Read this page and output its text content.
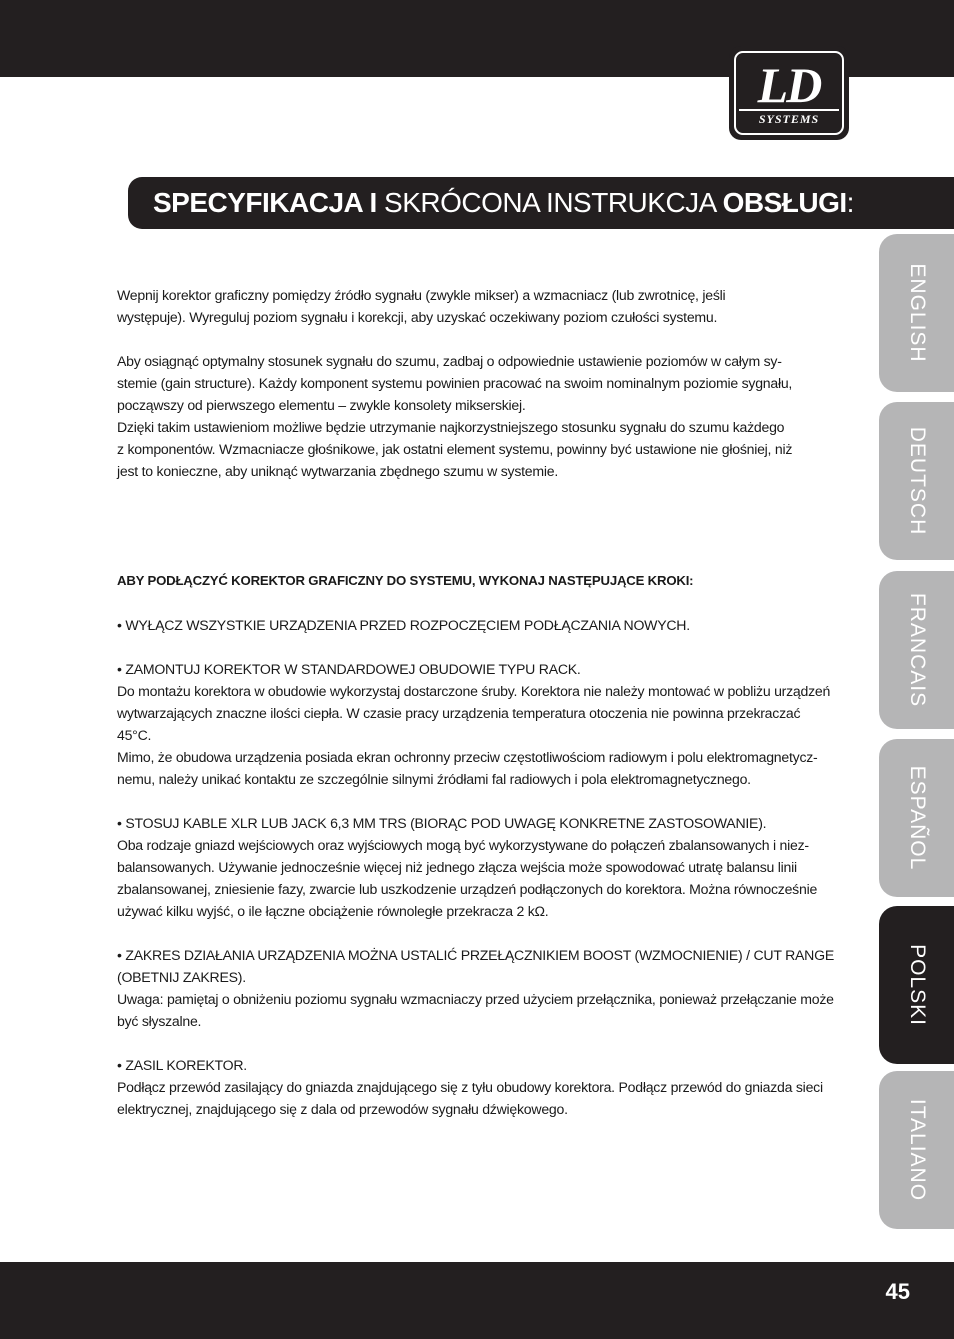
LD
SYSTEMS
SPECYFIKACJA I SKRÓCONA INSTRUKCJA OBSŁUGI:
ENGLISH
DEUTSCH
FRANCAIS
ESPAÑOL
POLSKI
ITALIANO

Wepnij korektor graficzny pomiędzy źródło sygnału (zwykle mikser) a wzmacniacz (lub zwrotnicę, jeśli

występuje). Wyreguluj poziom sygnału i korekcji, aby uzyskać oczekiwany poziom czułości systemu.

Aby osiągnąć optymalny stosunek sygnału do szumu, zadbaj o odpowiednie ustawienie poziomów w całym sy-

stemie (gain structure). Każdy komponent systemu powinien pracować na swoim nominalnym poziomie sygnału,

począwszy od pierwszego elementu – zwykle konsolety mikserskiej.

Dzięki takim ustawieniom możliwe będzie utrzymanie najkorzystniejszego stosunku sygnału do szumu każdego

z komponentów. Wzmacniacze głośnikowe, jak ostatni element systemu, powinny być ustawione nie głośniej, niż

jest to konieczne, aby uniknąć wytwarzania zbędnego szumu w systemie.

ABY PODŁĄCZYĆ KOREKTOR GRAFICZNY DO SYSTEMU, WYKONAJ NASTĘPUJĄCE KROKI:

• WYŁĄCZ WSZYSTKIE URZĄDZENIA PRZED ROZPOCZĘCIEM PODŁĄCZANIA NOWYCH.

• ZAMONTUJ KOREKTOR W STANDARDOWEJ OBUDOWIE TYPU RACK.

Do montażu korektora w obudowie wykorzystaj dostarczone śruby. Korektora nie należy montować w pobliżu urządzeń

wytwarzających znaczne ilości ciepła. W czasie pracy urządzenia temperatura otoczenia nie powinna przekraczać

45°C.

Mimo, że obudowa urządzenia posiada ekran ochronny przeciw częstotliwościom radiowym i polu elektromagnetycz-

nemu, należy unikać kontaktu ze szczególnie silnymi źródłami fal radiowych i pola elektromagnetycznego.

• STOSUJ KABLE XLR LUB JACK 6,3 MM TRS (BIORĄC POD UWAGĘ KONKRETNE ZASTOSOWANIE).

Oba rodzaje gniazd wejściowych oraz wyjściowych mogą być wykorzystywane do połączeń zbalansowanych i niez-

balansowanych. Używanie jednocześnie więcej niż jednego złącza wejścia może spowodować utratę balansu linii

zbalansowanej, zniesienie fazy, zwarcie lub uszkodzenie urządzeń podłączonych do korektora. Można równocześnie

używać kilku wyjść, o ile łączne obciążenie równoległe przekracza 2 kΩ.

• ZAKRES DZIAŁANIA URZĄDZENIA MOŻNA USTALIĆ PRZEŁĄCZNIKIEM BOOST (WZMOCNIENIE) / CUT RANGE

(OBETNIJ ZAKRES).

Uwaga: pamiętaj o obniżeniu poziomu sygnału wzmacniaczy przed użyciem przełącznika, ponieważ przełączanie może

być słyszalne.

• ZASIL KOREKTOR.

Podłącz przewód zasilający do gniazda znajdującego się z tyłu obudowy korektora. Podłącz przewód do gniazda sieci

elektrycznej, znajdującego się z dala od przewodów sygnału dźwiękowego.

45
